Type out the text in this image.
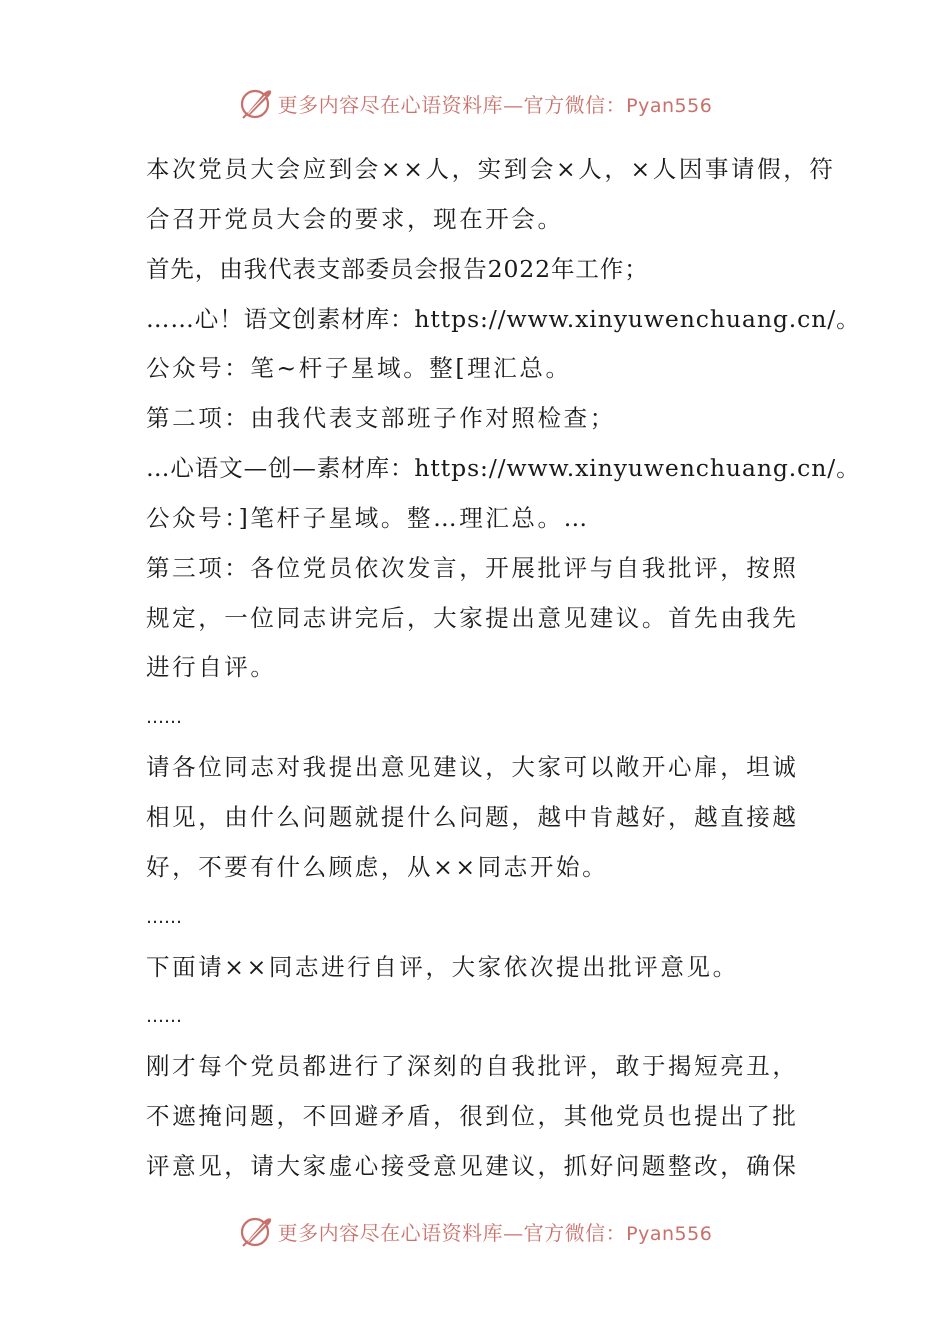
更多内容尽在心语资料库—官方微信：Pyan556
本次党员大会应到会××人，实到会×人，×人因事请假，符
合召开党员大会的要求，现在开会。
首先，由我代表支部委员会报告2022年工作；
……心！语文创素材库：https://www.xinyuwenchuang.cn/。
公众号：笔~杆子星域。整[理汇总。
第二项：由我代表支部班子作对照检查；
…心语文—创—素材库：https://www.xinyuwenchuang.cn/。
公众号：]笔杆子星域。整…理汇总。…
第三项：各位党员依次发言，开展批评与自我批评，按照
规定，一位同志讲完后，大家提出意见建议。首先由我先
进行自评。
……
请各位同志对我提出意见建议，大家可以敞开心扉，坦诚
相见，由什么问题就提什么问题，越中肯越好，越直接越
好，不要有什么顾虑，从××同志开始。
……
下面请××同志进行自评，大家依次提出批评意见。
……
刚才每个党员都进行了深刻的自我批评，敢于揭短亮丑，
不遮掩问题，不回避矛盾，很到位，其他党员也提出了批
评意见，请大家虚心接受意见建议，抓好问题整改，确保
更多内容尽在心语资料库—官方微信：Pyan556
